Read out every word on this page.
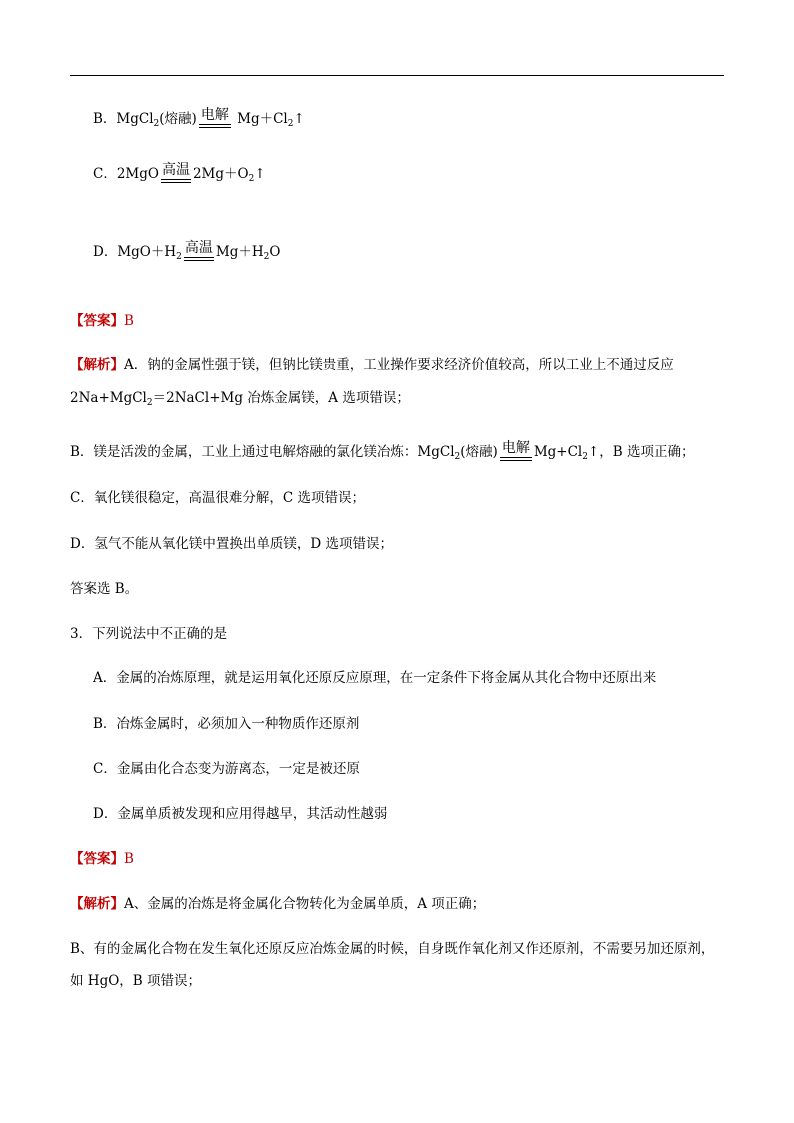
B．MgCl$_2$(熔融) 电解 $Mg+Cl_2↑$
C．2MgO 高温 $2Mg+O_2↑$
D．$MgO+H_2$
高温 $Mg+H_2O$
【答案】B
【解析】A．钠的金属性强于镁，但钠比镁贵重，工业操作要求经济价值较高，所以工业上不通过反应
2Na+MgCl$_2$＝2NaCl+Mg 冶炼金属镁，A 选项错误；
B．镁是活泼的金属，工业上通过电解熔融的氯化镁冶炼：MgCl$_2$(熔融) 电解 $Mg+Cl_2↑$，B 选项正确；
C．氧化镁很稳定，高温很难分解，C 选项错误；
D．氢气不能从氧化镁中置换出单质镁，D 选项错误；
答案选 B。
3．下列说法中不正确的是
A．金属的冶炼原理，就是运用氧化还原反应原理，在一定条件下将金属从其化合物中还原出来
B．冶炼金属时，必须加入一种物质作还原剂
C．金属由化合态变为游离态，一定是被还原
D．金属单质被发现和应用得越早，其活动性越弱
【答案】B
【解析】A、金属的冶炼是将金属化合物转化为金属单质，A 项正确；
B、有的金属化合物在发生氧化还原反应冶炼金属的时候，自身既作氧化剂又作还原剂，不需要另加还原剂，
如 HgO，B 项错误；
